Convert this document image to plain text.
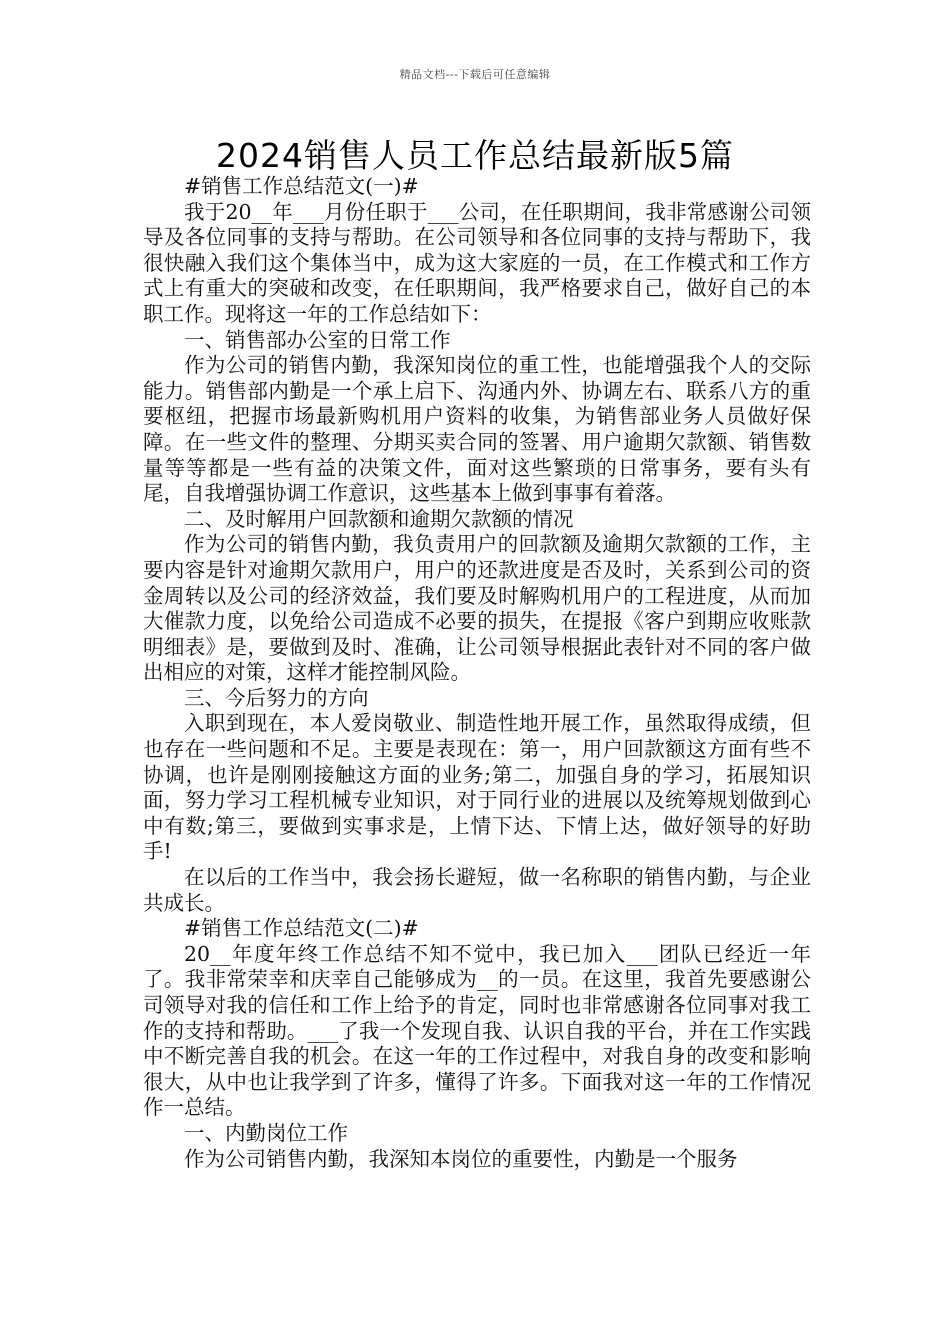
精品文档---下载后可任意编辑
2024销售人员工作总结最新版5篇

#销售工作总结范文(一)#

我于20__年___月份任职于___公司，在任职期间，我非常感谢公司领导及各位同事的支持与帮助。在公司领导和各位同事的支持与帮助下，我很快融入我们这个集体当中，成为这大家庭的一员，在工作模式和工作方式上有重大的突破和改变，在任职期间，我严格要求自己，做好自己的本职工作。现将这一年的工作总结如下：

一、销售部办公室的日常工作

作为公司的销售内勤，我深知岗位的重工性，也能增强我个人的交际能力。销售部内勤是一个承上启下、沟通内外、协调左右、联系八方的重要枢纽，把握市场最新购机用户资料的收集，为销售部业务人员做好保障。在一些文件的整理、分期买卖合同的签署、用户逾期欠款额、销售数量等等都是一些有益的决策文件，面对这些繁琐的日常事务，要有头有尾，自我增强协调工作意识，这些基本上做到事事有着落。

二、及时解用户回款额和逾期欠款额的情况

作为公司的销售内勤，我负责用户的回款额及逾期欠款额的工作，主要内容是针对逾期欠款用户，用户的还款进度是否及时，关系到公司的资金周转以及公司的经济效益，我们要及时解购机用户的工程进度，从而加大催款力度，以免给公司造成不必要的损失，在提报《客户到期应收账款明细表》是，要做到及时、准确，让公司领导根据此表针对不同的客户做出相应的对策，这样才能控制风险。

三、今后努力的方向

入职到现在，本人爱岗敬业、制造性地开展工作，虽然取得成绩，但也存在一些问题和不足。主要是表现在：第一，用户回款额这方面有些不协调，也许是刚刚接触这方面的业务;第二，加强自身的学习，拓展知识面，努力学习工程机械专业知识，对于同行业的进展以及统筹规划做到心中有数;第三，要做到实事求是，上情下达、下情上达，做好领导的好助手!

在以后的工作当中，我会扬长避短，做一名称职的销售内勤，与企业共成长。

#销售工作总结范文(二)#

20__年度年终工作总结不知不觉中，我已加入___团队已经近一年了。我非常荣幸和庆幸自己能够成为__的一员。在这里，我首先要感谢公司领导对我的信任和工作上给予的肯定，同时也非常感谢各位同事对我工作的支持和帮助。___了我一个发现自我、认识自我的平台，并在工作实践中不断完善自我的机会。在这一年的工作过程中，对我自身的改变和影响很大，从中也让我学到了许多，懂得了许多。下面我对这一年的工作情况作一总结。

一、内勤岗位工作

作为公司销售内勤，我深知本岗位的重要性，内勤是一个服务
